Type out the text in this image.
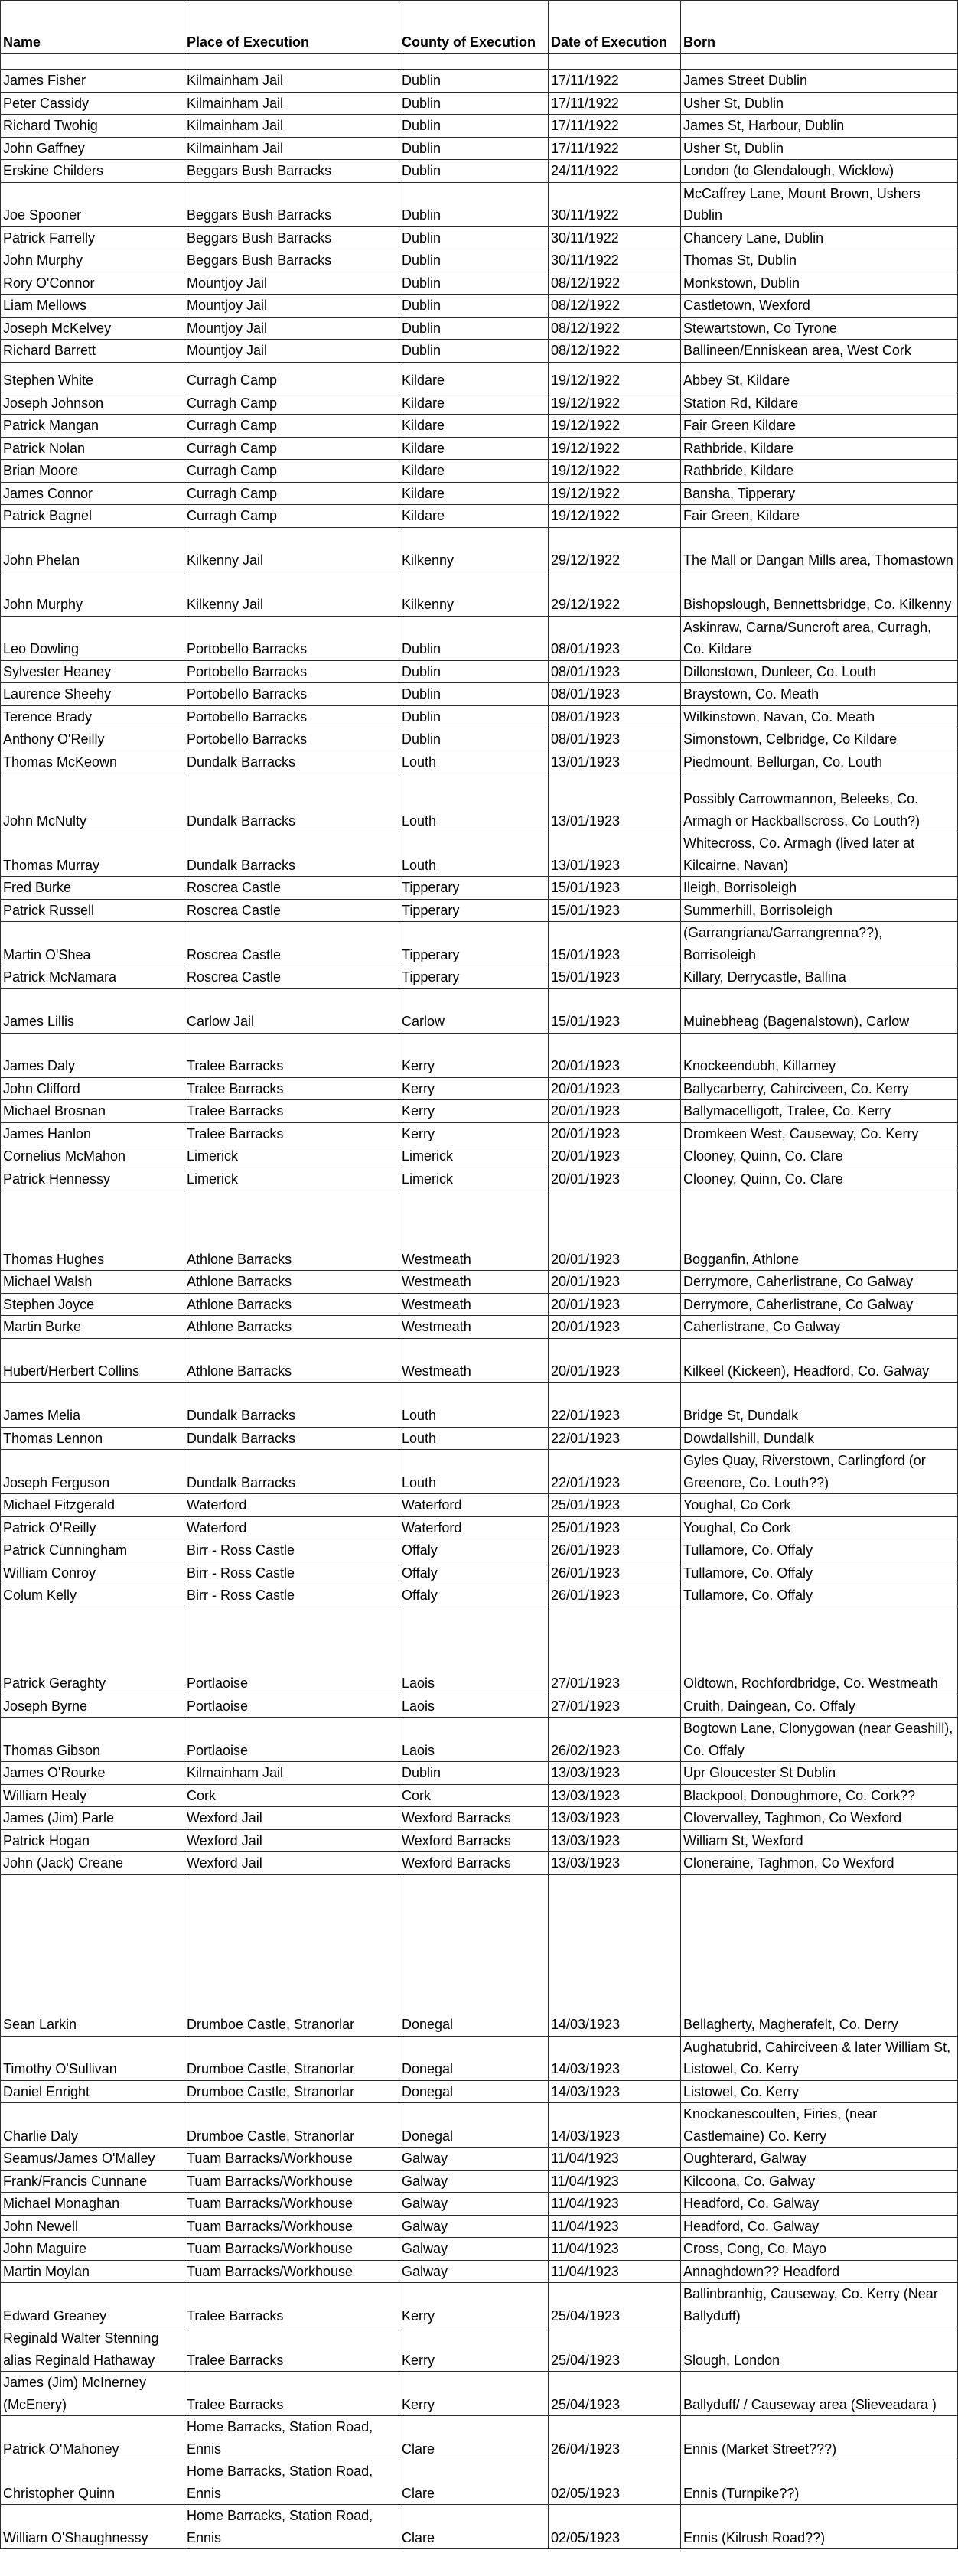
Name	Place of Execution	County of Execution	Date of Execution	Born

James Fisher	Kilmainham Jail	Dublin	17/11/1922	James Street Dublin
Peter Cassidy	Kilmainham Jail	Dublin	17/11/1922	Usher St, Dublin
Richard Twohig	Kilmainham Jail	Dublin	17/11/1922	James St, Harbour, Dublin
John Gaffney	Kilmainham Jail	Dublin	17/11/1922	Usher St, Dublin
Erskine Childers	Beggars Bush Barracks	Dublin	24/11/1922	London (to Glendalough, Wicklow)
Joe Spooner	Beggars Bush Barracks	Dublin	30/11/1922	McCaffrey Lane, Mount Brown, Ushers Dublin
Patrick Farrelly	Beggars Bush Barracks	Dublin	30/11/1922	Chancery Lane, Dublin
John Murphy	Beggars Bush Barracks	Dublin	30/11/1922	Thomas St, Dublin
Rory O'Connor	Mountjoy Jail	Dublin	08/12/1922	Monkstown, Dublin
Liam Mellows	Mountjoy Jail	Dublin	08/12/1922	Castletown, Wexford
Joseph McKelvey	Mountjoy Jail	Dublin	08/12/1922	Stewartstown, Co Tyrone
Richard Barrett	Mountjoy Jail	Dublin	08/12/1922	Ballineen/Enniskean area, West Cork
Stephen White	Curragh Camp	Kildare	19/12/1922	Abbey St, Kildare
Joseph Johnson	Curragh Camp	Kildare	19/12/1922	Station Rd, Kildare
Patrick Mangan	Curragh Camp	Kildare	19/12/1922	Fair Green Kildare
Patrick Nolan	Curragh Camp	Kildare	19/12/1922	Rathbride, Kildare
Brian Moore	Curragh Camp	Kildare	19/12/1922	Rathbride, Kildare
James Connor	Curragh Camp	Kildare	19/12/1922	Bansha, Tipperary
Patrick Bagnel	Curragh Camp	Kildare	19/12/1922	Fair Green, Kildare
John Phelan	Kilkenny Jail	Kilkenny	29/12/1922	The Mall or Dangan Mills area, Thomastown
John Murphy	Kilkenny Jail	Kilkenny	29/12/1922	Bishopslough, Bennettsbridge, Co. Kilkenny
Leo Dowling	Portobello Barracks	Dublin	08/01/1923	Askinraw, Carna/Suncroft area, Curragh, Co. Kildare
Sylvester Heaney	Portobello Barracks	Dublin	08/01/1923	Dillonstown, Dunleer, Co. Louth
Laurence Sheehy	Portobello Barracks	Dublin	08/01/1923	Braystown, Co. Meath
Terence Brady	Portobello Barracks	Dublin	08/01/1923	Wilkinstown, Navan, Co. Meath
Anthony O'Reilly	Portobello Barracks	Dublin	08/01/1923	Simonstown, Celbridge, Co Kildare
Thomas McKeown	Dundalk Barracks	Louth	13/01/1923	Piedmount, Bellurgan, Co. Louth
John McNulty	Dundalk Barracks	Louth	13/01/1923	Possibly Carrowmannon, Beleeks, Co. Armagh or Hackballscross, Co Louth?)
Thomas Murray	Dundalk Barracks	Louth	13/01/1923	Whitecross, Co. Armagh (lived later at Kilcairne, Navan)
Fred Burke	Roscrea Castle	Tipperary	15/01/1923	Ileigh, Borrisoleigh
Patrick Russell	Roscrea Castle	Tipperary	15/01/1923	Summerhill, Borrisoleigh
Martin O'Shea	Roscrea Castle	Tipperary	15/01/1923	(Garrangriana/Garrangrenna??), Borrisoleigh
Patrick McNamara	Roscrea Castle	Tipperary	15/01/1923	Killary, Derrycastle, Ballina
James Lillis	Carlow Jail	Carlow	15/01/1923	Muinebheag (Bagenalstown), Carlow
James Daly	Tralee Barracks	Kerry	20/01/1923	Knockeendubh, Killarney
John Clifford	Tralee Barracks	Kerry	20/01/1923	Ballycarberry, Cahirciveen, Co. Kerry
Michael Brosnan	Tralee Barracks	Kerry	20/01/1923	Ballymacelligott, Tralee, Co. Kerry
James Hanlon	Tralee Barracks	Kerry	20/01/1923	Dromkeen West, Causeway, Co. Kerry
Cornelius McMahon	Limerick	Limerick	20/01/1923	Clooney, Quinn, Co. Clare
Patrick Hennessy	Limerick	Limerick	20/01/1923	Clooney, Quinn, Co. Clare
Thomas Hughes	Athlone Barracks	Westmeath	20/01/1923	Bogganfin, Athlone
Michael Walsh	Athlone Barracks	Westmeath	20/01/1923	Derrymore, Caherlistrane, Co Galway
Stephen Joyce	Athlone Barracks	Westmeath	20/01/1923	Derrymore, Caherlistrane, Co Galway
Martin Burke	Athlone Barracks	Westmeath	20/01/1923	Caherlistrane, Co Galway
Hubert/Herbert Collins	Athlone Barracks	Westmeath	20/01/1923	Kilkeel (Kickeen), Headford, Co. Galway
James Melia	Dundalk Barracks	Louth	22/01/1923	Bridge St, Dundalk
Thomas Lennon	Dundalk Barracks	Louth	22/01/1923	Dowdallshill, Dundalk
Joseph Ferguson	Dundalk Barracks	Louth	22/01/1923	Gyles Quay, Riverstown, Carlingford (or Greenore, Co. Louth??)
Michael Fitzgerald	Waterford	Waterford	25/01/1923	Youghal, Co Cork
Patrick O'Reilly	Waterford	Waterford	25/01/1923	Youghal, Co Cork
Patrick Cunningham	Birr - Ross Castle	Offaly	26/01/1923	Tullamore, Co. Offaly
William Conroy	Birr - Ross Castle	Offaly	26/01/1923	Tullamore, Co. Offaly
Colum Kelly	Birr - Ross Castle	Offaly	26/01/1923	Tullamore, Co. Offaly
Patrick Geraghty	Portlaoise	Laois	27/01/1923	Oldtown, Rochfordbridge, Co. Westmeath
Joseph Byrne	Portlaoise	Laois	27/01/1923	Cruith, Daingean, Co. Offaly
Thomas Gibson	Portlaoise	Laois	26/02/1923	Bogtown Lane, Clonygowan (near Geashill), Co. Offaly
James O'Rourke	Kilmainham Jail	Dublin	13/03/1923	Upr Gloucester St Dublin
William Healy	Cork	Cork	13/03/1923	Blackpool, Donoughmore, Co. Cork??
James (Jim) Parle	Wexford Jail	Wexford Barracks	13/03/1923	Clovervalley, Taghmon, Co Wexford
Patrick Hogan	Wexford Jail	Wexford Barracks	13/03/1923	William St, Wexford
John (Jack) Creane	Wexford Jail	Wexford Barracks	13/03/1923	Cloneraine, Taghmon, Co Wexford
Sean Larkin	Drumboe Castle, Stranorlar	Donegal	14/03/1923	Bellagherty, Magherafelt, Co. Derry
Timothy O'Sullivan	Drumboe Castle, Stranorlar	Donegal	14/03/1923	Aughatubrid, Cahirciveen & later William St, Listowel, Co. Kerry
Daniel Enright	Drumboe Castle, Stranorlar	Donegal	14/03/1923	Listowel, Co. Kerry
Charlie Daly	Drumboe Castle, Stranorlar	Donegal	14/03/1923	Knockanescoulten, Firies, (near Castlemaine) Co. Kerry
Seamus/James O'Malley	Tuam Barracks/Workhouse	Galway	11/04/1923	Oughterard, Galway
Frank/Francis Cunnane	Tuam Barracks/Workhouse	Galway	11/04/1923	Kilcoona, Co. Galway
Michael Monaghan	Tuam Barracks/Workhouse	Galway	11/04/1923	Headford, Co. Galway
John Newell	Tuam Barracks/Workhouse	Galway	11/04/1923	Headford, Co. Galway
John Maguire	Tuam Barracks/Workhouse	Galway	11/04/1923	Cross, Cong, Co. Mayo
Martin Moylan	Tuam Barracks/Workhouse	Galway	11/04/1923	Annaghdown?? Headford
Edward Greaney	Tralee Barracks	Kerry	25/04/1923	Ballinbranhig, Causeway, Co. Kerry (Near Ballyduff)
Reginald Walter Stenning alias Reginald Hathaway	Tralee Barracks	Kerry	25/04/1923	Slough, London
James (Jim) McInerney (McEnery)	Tralee Barracks	Kerry	25/04/1923	Ballyduff/ / Causeway area (Slieveadara )
Patrick O'Mahoney	Home Barracks, Station Road, Ennis	Clare	26/04/1923	Ennis (Market Street???)
Christopher Quinn	Home Barracks, Station Road, Ennis	Clare	02/05/1923	Ennis (Turnpike??)
William O'Shaughnessy	Home Barracks, Station Road, Ennis	Clare	02/05/1923	Ennis (Kilrush Road??)
